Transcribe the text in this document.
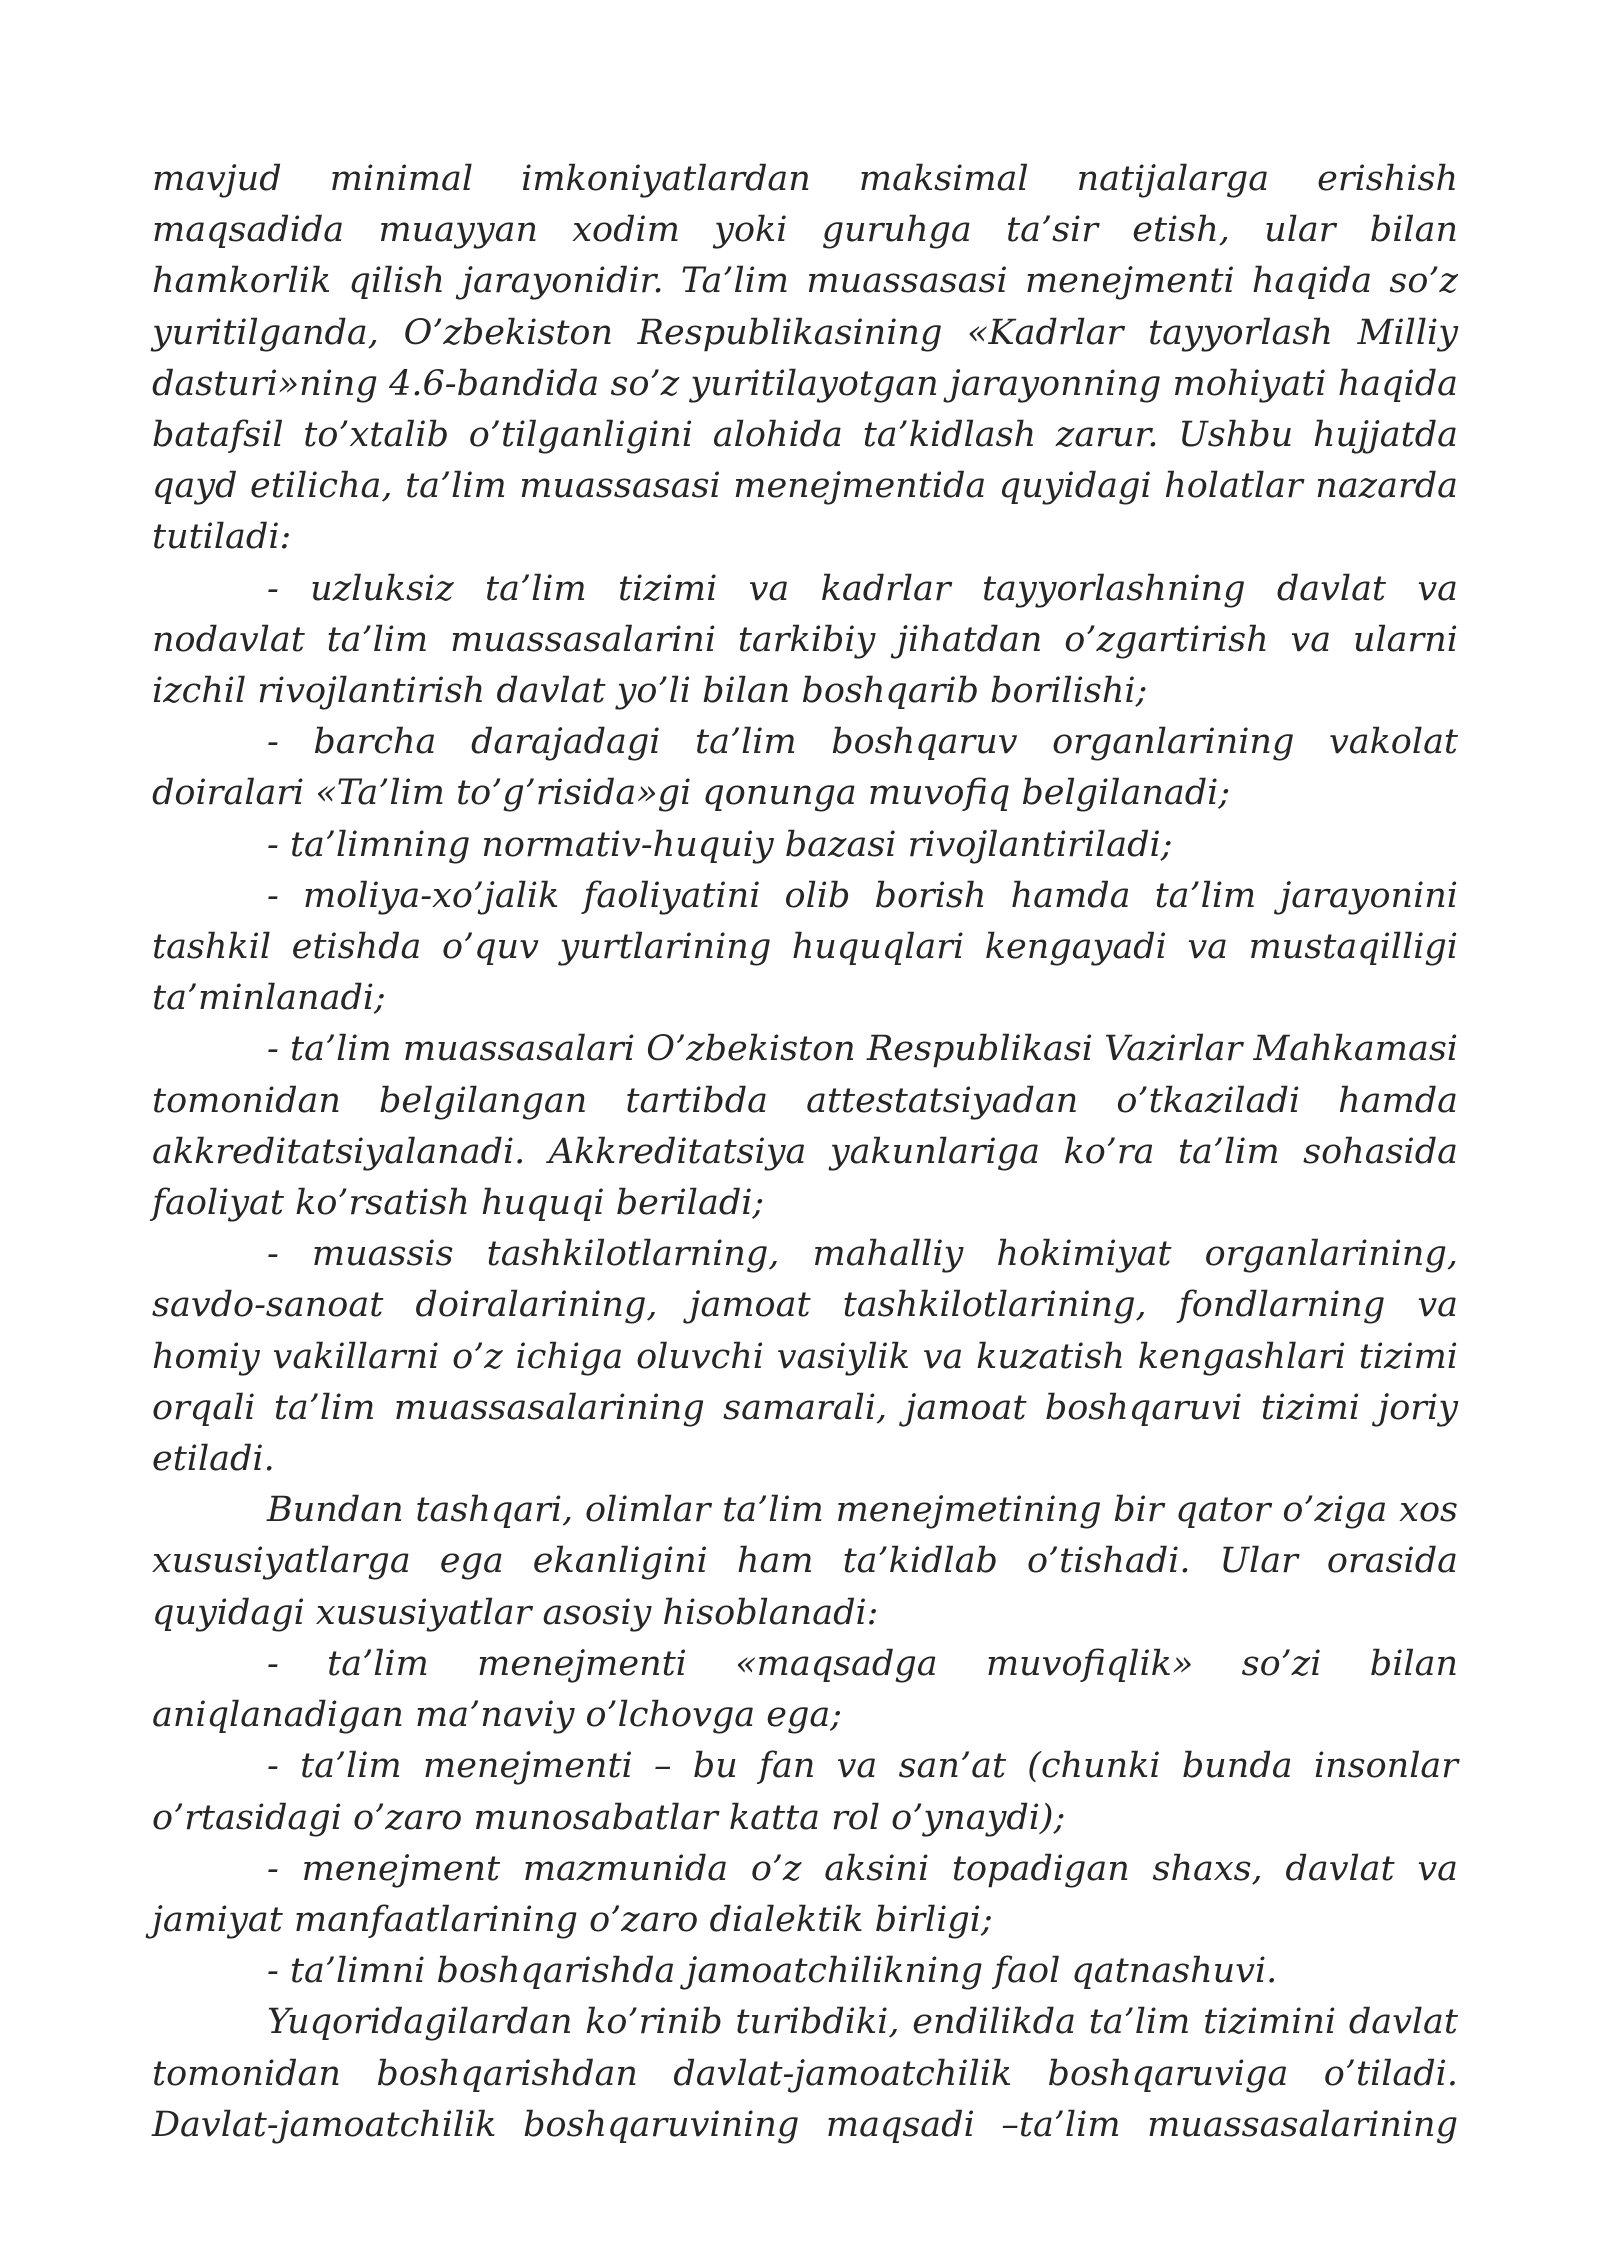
mavjud minimal imkoniyatlardan maksimal natijalarga erishish maqsadida muayyan xodim yoki guruhga ta’sir etish, ular bilan hamkorlik qilish jarayonidir. Ta’lim muassasasi menejmenti haqida so’z yuritilganda, O’zbekiston Respublikasining «Kadrlar tayyorlash Milliy dasturi»ning 4.6-bandida so’z yuritilayotgan jarayonning mohiyati haqida batafsil to’xtalib o’tilganligini alohida ta’kidlash zarur. Ushbu hujjatda qayd etilicha, ta’lim muassasasi menejmentida quyidagi holatlar nazarda tutiladi:

- uzluksiz ta’lim tizimi va kadrlar tayyorlashning davlat va nodavlat ta’lim muassasalarini tarkibiy jihatdan o’zgartirish va ularni izchil rivojlantirish davlat yo’li bilan boshqarib borilishi;

- barcha darajadagi ta’lim boshqaruv organlarining vakolat doiralari «Ta’lim to’g’risida»gi qonunga muvofiq belgilanadi;

- ta’limning normativ-huquiy bazasi rivojlantiriladi;

- moliya-xo’jalik faoliyatini olib borish hamda ta’lim jarayonini tashkil etishda o’quv yurtlarining huquqlari kengayadi va mustaqilligi ta’minlanadi;

- ta’lim muassasalari O’zbekiston Respublikasi Vazirlar Mahkamasi tomonidan belgilangan tartibda attestatsiyadan o’tkaziladi hamda akkreditatsiyalanadi. Akkreditatsiya yakunlariga ko’ra ta’lim sohasida faoliyat ko’rsatish huquqi beriladi;

- muassis tashkilotlarning, mahalliy hokimiyat organlarining, savdo-sanoat doiralarining, jamoat tashkilotlarining, fondlarning va homiy vakillarni o’z ichiga oluvchi vasiylik va kuzatish kengashlari tizimi orqali ta’lim muassasalarining samarali, jamoat boshqaruvi tizimi joriy etiladi.

Bundan tashqari, olimlar ta’lim menejmetining bir qator o’ziga xos xususiyatlarga ega ekanligini ham ta’kidlab o’tishadi. Ular orasida quyidagi xususiyatlar asosiy hisoblanadi:

- ta’lim menejmenti «maqsadga muvofiqlik» so’zi bilan aniqlanadigan ma’naviy o’lchovga ega;

- ta’lim menejmenti – bu fan va san’at (chunki bunda insonlar o’rtasidagi o’zaro munosabatlar katta rol o’ynaydi);

- menejment mazmunida o’z aksini topadigan shaxs, davlat va jamiyat manfaatlarining o’zaro dialektik birligi;

- ta’limni boshqarishda jamoatchilikning faol qatnashuvi.

Yuqoridagilardan ko’rinib turibdiki, endilikda ta’lim tizimini davlat tomonidan boshqarishdan davlat-jamoatchilik boshqaruviga o’tiladi. Davlat-jamoatchilik boshqaruvining maqsadi –ta’lim muassasalarining
